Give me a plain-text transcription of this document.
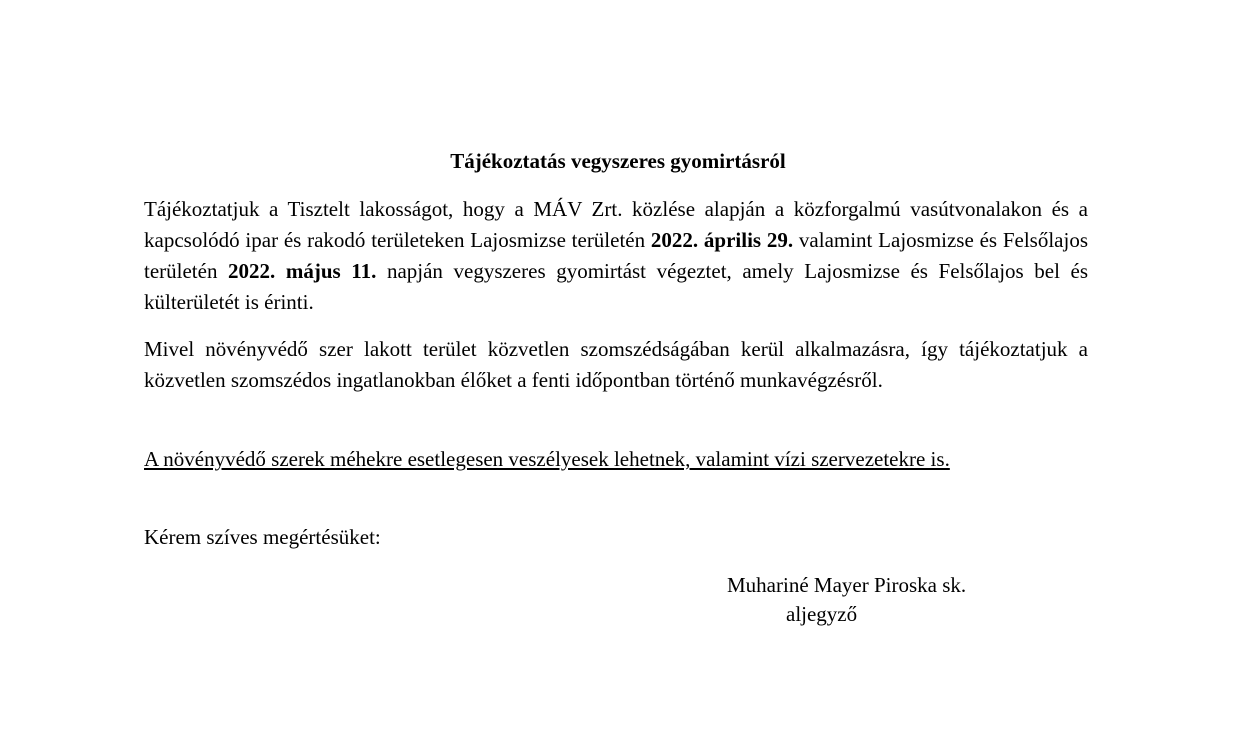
Tájékoztatás vegyszeres gyomirtásról

Tájékoztatjuk a Tisztelt lakosságot, hogy a MÁV Zrt. közlése alapján a közforgalmú vasútvonalakon és a kapcsolódó ipar és rakodó területeken Lajosmizse területén 2022. április 29. valamint Lajosmizse és Felsőlajos területén 2022. május 11. napján vegyszeres gyomirtást végeztet, amely Lajosmizse és Felsőlajos bel és külterületét is érinti.

Mivel növényvédő szer lakott terület közvetlen szomszédságában kerül alkalmazásra, így tájékoztatjuk a közvetlen szomszédos ingatlanokban élőket a fenti időpontban történő munkavégzésről.

A növényvédő szerek méhekre esetlegesen veszélyesek lehetnek, valamint vízi szervezetekre is.

Kérem szíves megértésüket:

Muhariné Mayer Piroska sk.
aljegyző
